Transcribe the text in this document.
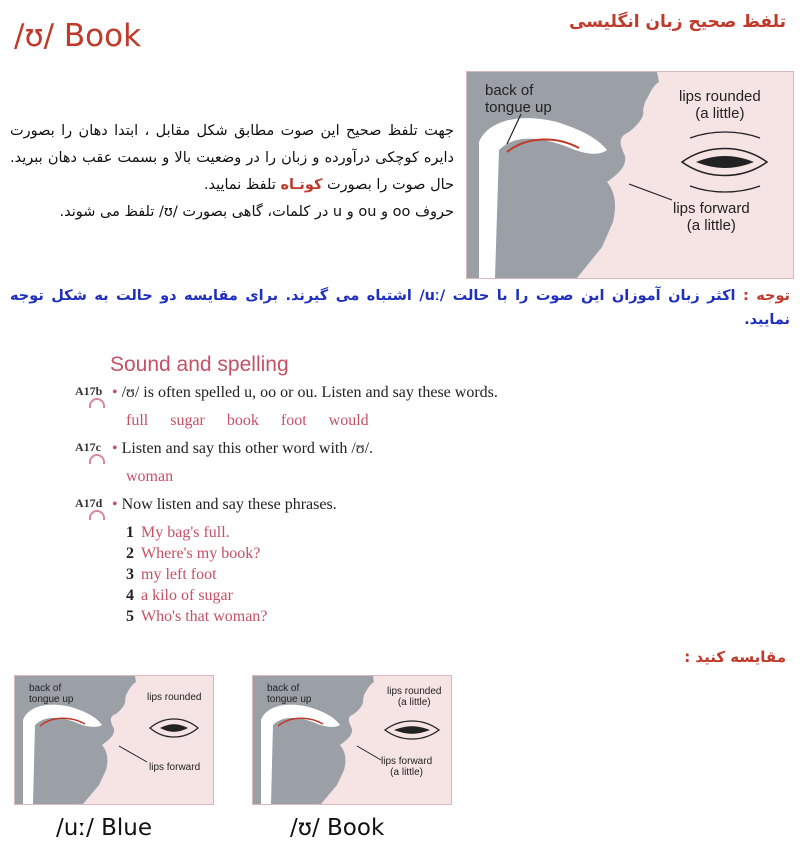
/ʊ/ Book	تلفظ صحیح زبان انگلیسی
back of
tongue up
lips rounded
(a little)
lips forward
(a little)

جهت تلفظ صحیح این صوت مطابق شکل مقابل ، ابتدا دهان را بصورت دایره کوچکی درآورده و زبان را در وضعیت بالا و بسمت عقب دهان ببرید. حال صوت را بصورت کوتـاه تلفظ نمایید.

حروف oo و ou و u در کلمات، گاهی بصورت /ʊ/ تلفظ می شوند.

توجه : اکثر زبان آموزان این صوت را با حالت /uː/ اشتباه می گیرند. برای مقایسه دو حالت به شکل توجه نمایید.
Sound and spelling
A17b • /ʊ/ is often spelled u, oo or ou. Listen and say these words.
full sugar book foot would
A17c • Listen and say this other word with /ʊ/.
woman
A17d • Now listen and say these phrases.
1 My bag's full.
2 Where's my book?
3 my left foot
4 a kilo of sugar
5 Who's that woman?
مقایسه کنید :
back of
tongue up	lips rounded
lips forward
back of
tongue up
lips rounded
(a little)
lips forward
(a little)
/uː/ Blue	/ʊ/ Book
